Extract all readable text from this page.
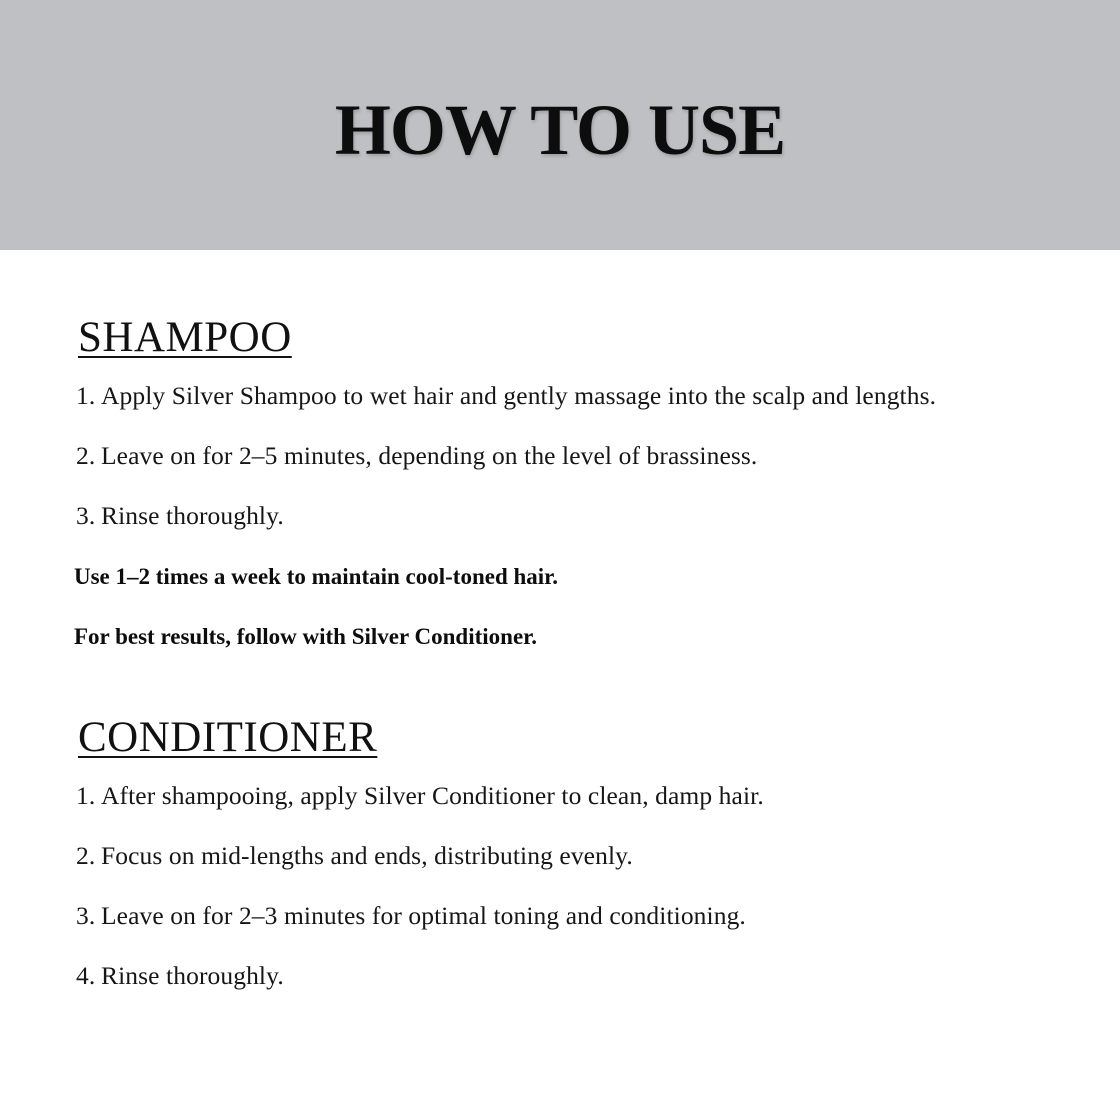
HOW TO USE
SHAMPOO

1. Apply Silver Shampoo to wet hair and gently massage into the scalp and lengths.

2. Leave on for 2–5 minutes, depending on the level of brassiness.

3. Rinse thoroughly.

Use 1–2 times a week to maintain cool-toned hair.

For best results, follow with Silver Conditioner.

CONDITIONER

1. After shampooing, apply Silver Conditioner to clean, damp hair.

2. Focus on mid-lengths and ends, distributing evenly.

3. Leave on for 2–3 minutes for optimal toning and conditioning.

4. Rinse thoroughly.
